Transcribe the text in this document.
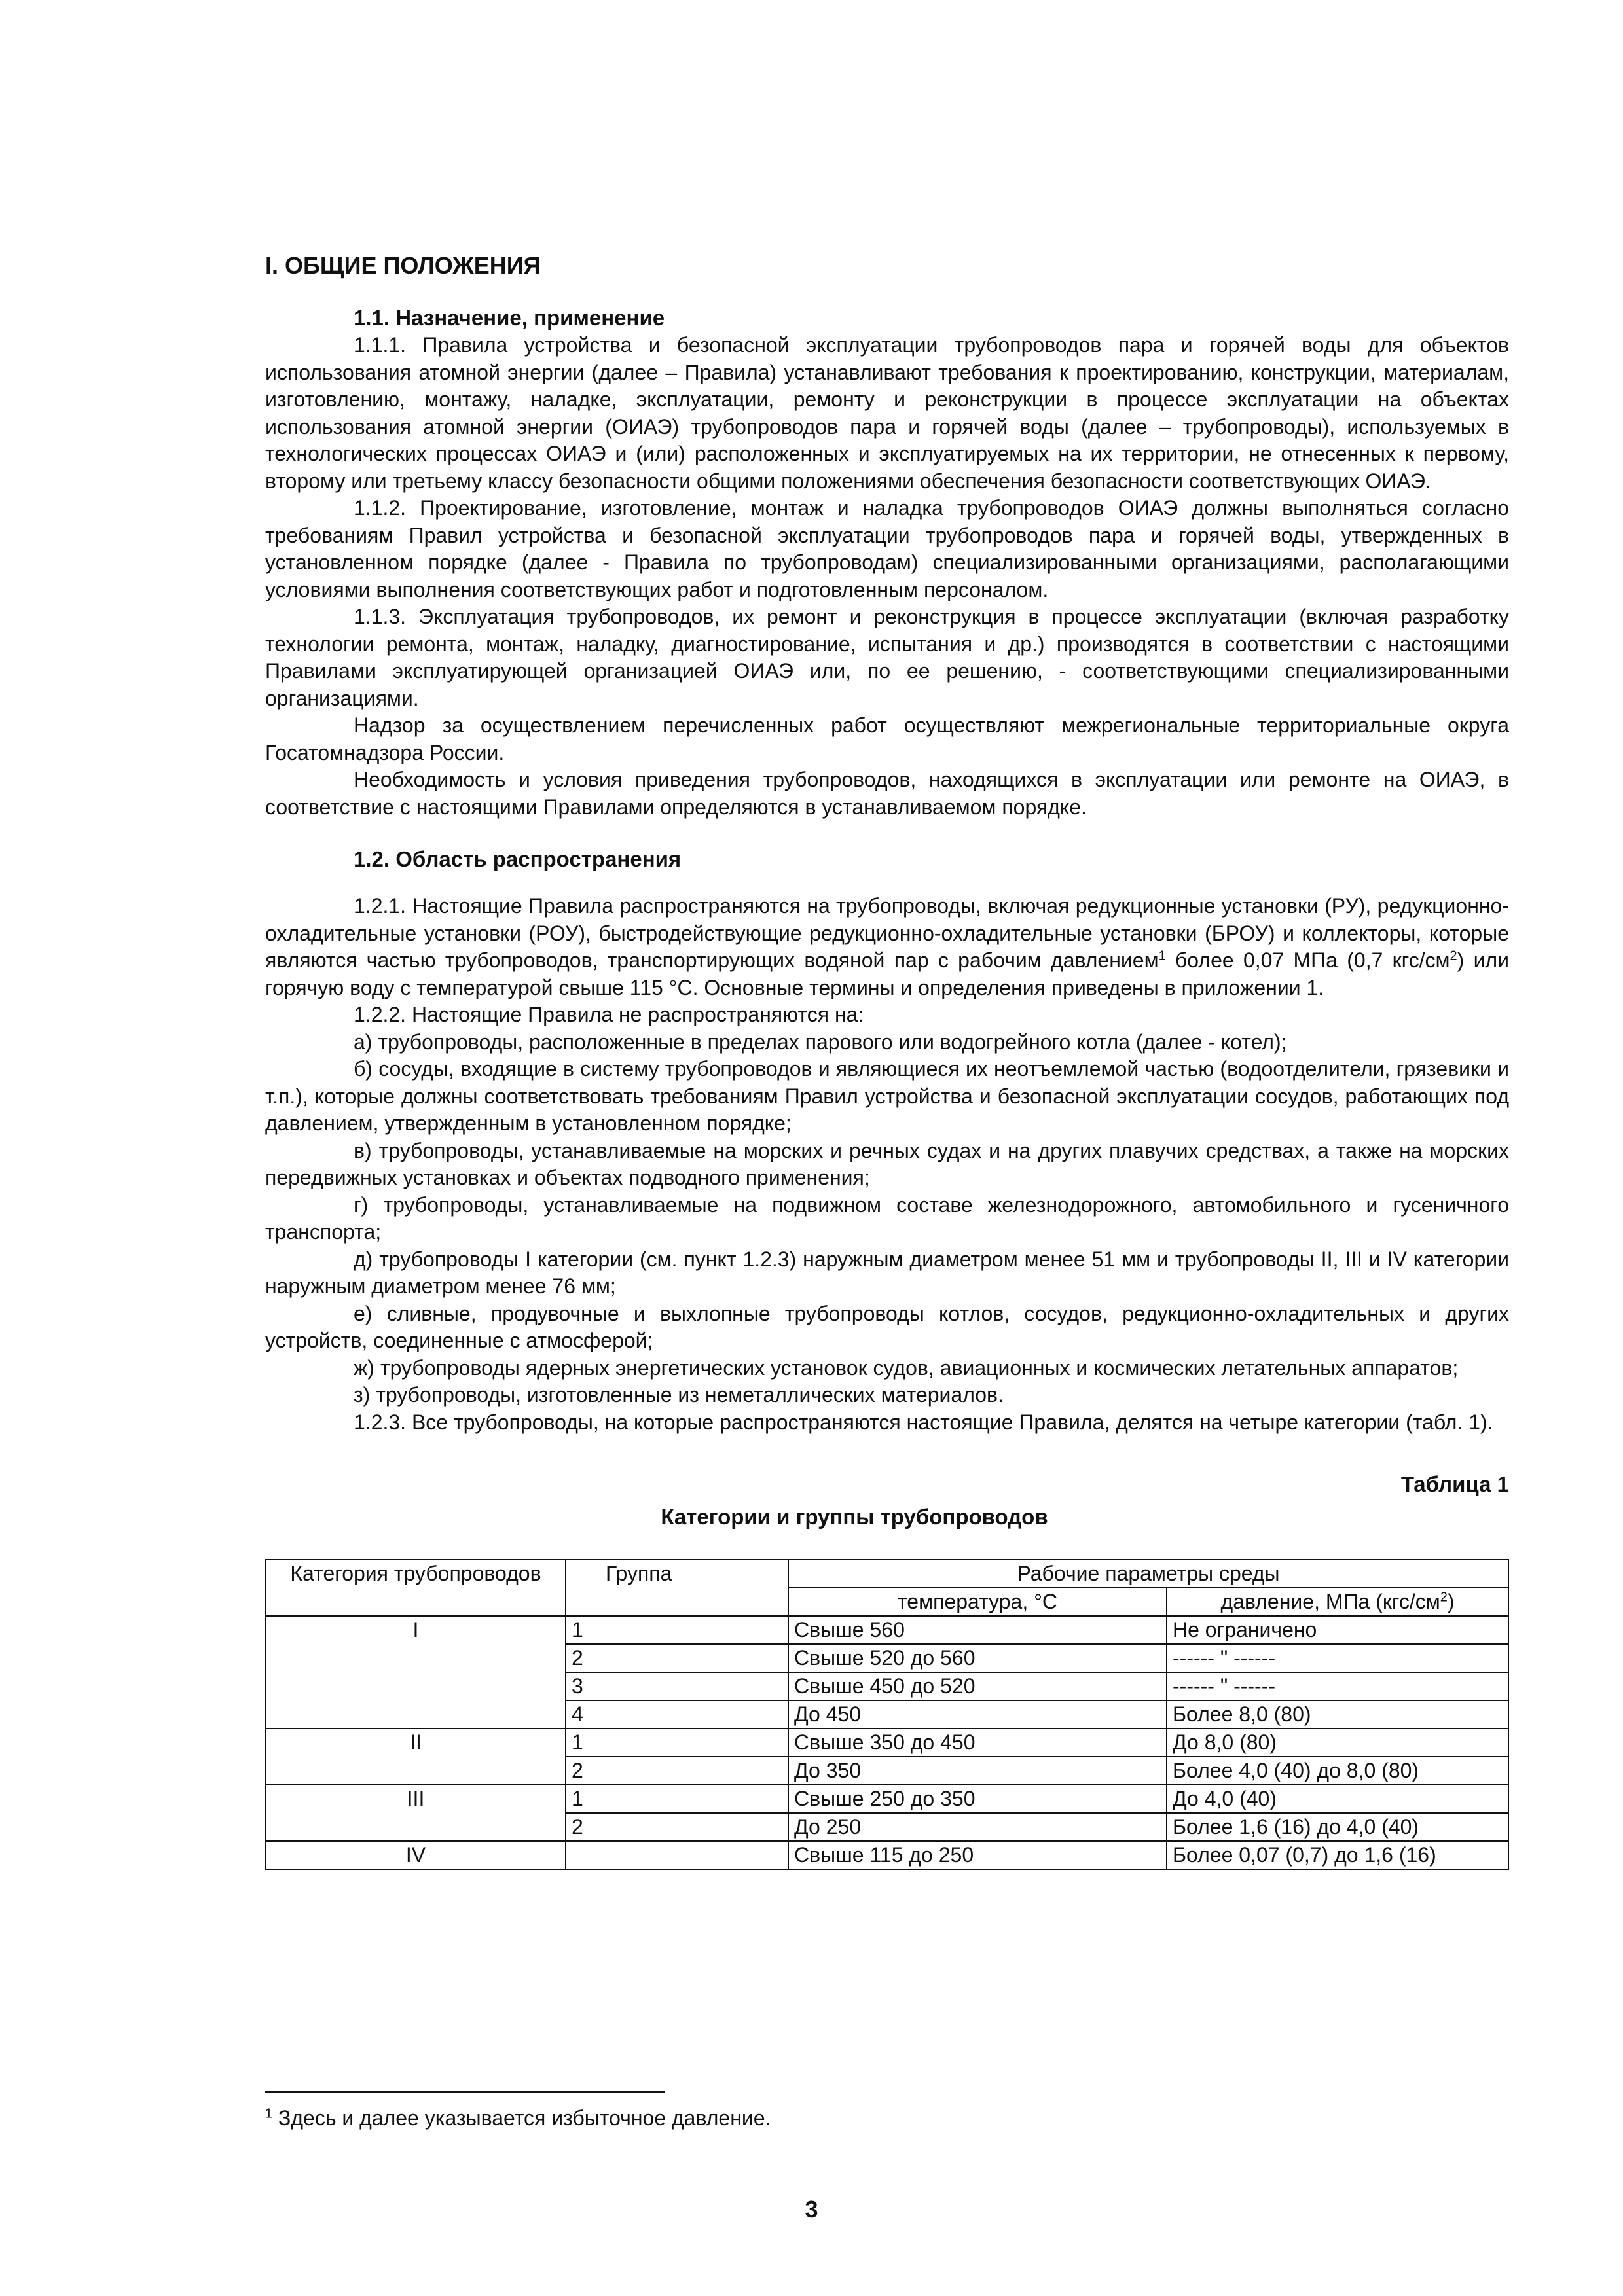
I. ОБЩИЕ ПОЛОЖЕНИЯ
1.1. Назначение, применение

1.1.1. Правила устройства и безопасной эксплуатации трубопроводов пара и горячей воды для объектов использования атомной энергии (далее – Правила) устанавливают требования к проектированию, конструкции, материалам, изготовлению, монтажу, наладке, эксплуатации, ремонту и реконструкции в процессе эксплуатации на объектах использования атомной энергии (ОИАЭ) трубопроводов пара и горячей воды (далее – трубопроводы), используемых в технологических процессах ОИАЭ и (или) расположенных и эксплуатируемых на их территории, не отнесенных к первому, второму или третьему классу безопасности общими положениями обеспечения безопасности соответствующих ОИАЭ.

1.1.2. Проектирование, изготовление, монтаж и наладка трубопроводов ОИАЭ должны выполняться согласно требованиям Правил устройства и безопасной эксплуатации трубопроводов пара и горячей воды, утвержденных в установленном порядке (далее - Правила по трубопроводам) специализированными организациями, располагающими условиями выполнения соответствующих работ и подготовленным персоналом.

1.1.3. Эксплуатация трубопроводов, их ремонт и реконструкция в процессе эксплуатации (включая разработку технологии ремонта, монтаж, наладку, диагностирование, испытания и др.) производятся в соответствии с настоящими Правилами эксплуатирующей организацией ОИАЭ или, по ее решению, - соответствующими специализированными организациями.

Надзор за осуществлением перечисленных работ осуществляют межрегиональные территориальные округа Госатомнадзора России.

Необходимость и условия приведения трубопроводов, находящихся в эксплуатации или ремонте на ОИАЭ, в соответствие с настоящими Правилами определяются в устанавливаемом порядке.

1.2. Область распространения

1.2.1. Настоящие Правила распространяются на трубопроводы, включая редукционные установки (РУ), редукционно-охладительные установки (РОУ), быстродействующие редукционно-охладительные установки (БРОУ) и коллекторы, которые являются частью трубопроводов, транспортирующих водяной пар с рабочим давлением$^1$ более 0,07 МПа (0,7 кгс/$см^2$) или горячую воду с температурой свыше 115 °С. Основные термины и определения приведены в приложении 1.

1.2.2. Настоящие Правила не распространяются на:

а) трубопроводы, расположенные в пределах парового или водогрейного котла (далее - котел);

б) сосуды, входящие в систему трубопроводов и являющиеся их неотъемлемой частью (водоотделители, грязевики и т.п.), которые должны соответствовать требованиям Правил устройства и безопасной эксплуатации сосудов, работающих под давлением, утвержденным в установленном порядке;

в) трубопроводы, устанавливаемые на морских и речных судах и на других плавучих средствах, а также на морских передвижных установках и объектах подводного применения;

г) трубопроводы, устанавливаемые на подвижном составе железнодорожного, автомобильного и гусеничного транспорта;

д) трубопроводы I категории (см. пункт 1.2.3) наружным диаметром менее 51 мм и трубопроводы II, III и IV категории наружным диаметром менее 76 мм;

е) сливные, продувочные и выхлопные трубопроводы котлов, сосудов, редукционно-охладительных и других устройств, соединенные с атмосферой;

ж) трубопроводы ядерных энергетических установок судов, авиационных и космических летательных аппаратов;

з) трубопроводы, изготовленные из неметаллических материалов.

1.2.3. Все трубопроводы, на которые распространяются настоящие Правила, делятся на четыре категории (табл. 1).

Таблица 1
Категории и группы трубопроводов
Категория трубопроводов	Группа	Рабочие параметры среды	
		температура, °С	давление, МПа $(кгс/см^2)$
I	1	Свыше 560	Не ограничено
	2	Свыше 520 до 560	------ " ------
	3	Свыше 450 до 520	------ " ------
	4	До 450	Более 8,0 (80)
II	1	Свыше 350 до 450	До 8,0 (80)
	2	До 350	Более 4,0 (40) до 8,0 (80)
III	1	Свыше 250 до 350	До 4,0 (40)
	2	До 250	Более 1,6 (16) до 4,0 (40)
IV		Свыше 115 до 250	Более 0,07 (0,7) до 1,6 (16)
$^1$ Здесь и далее указывается избыточное давление.
3
